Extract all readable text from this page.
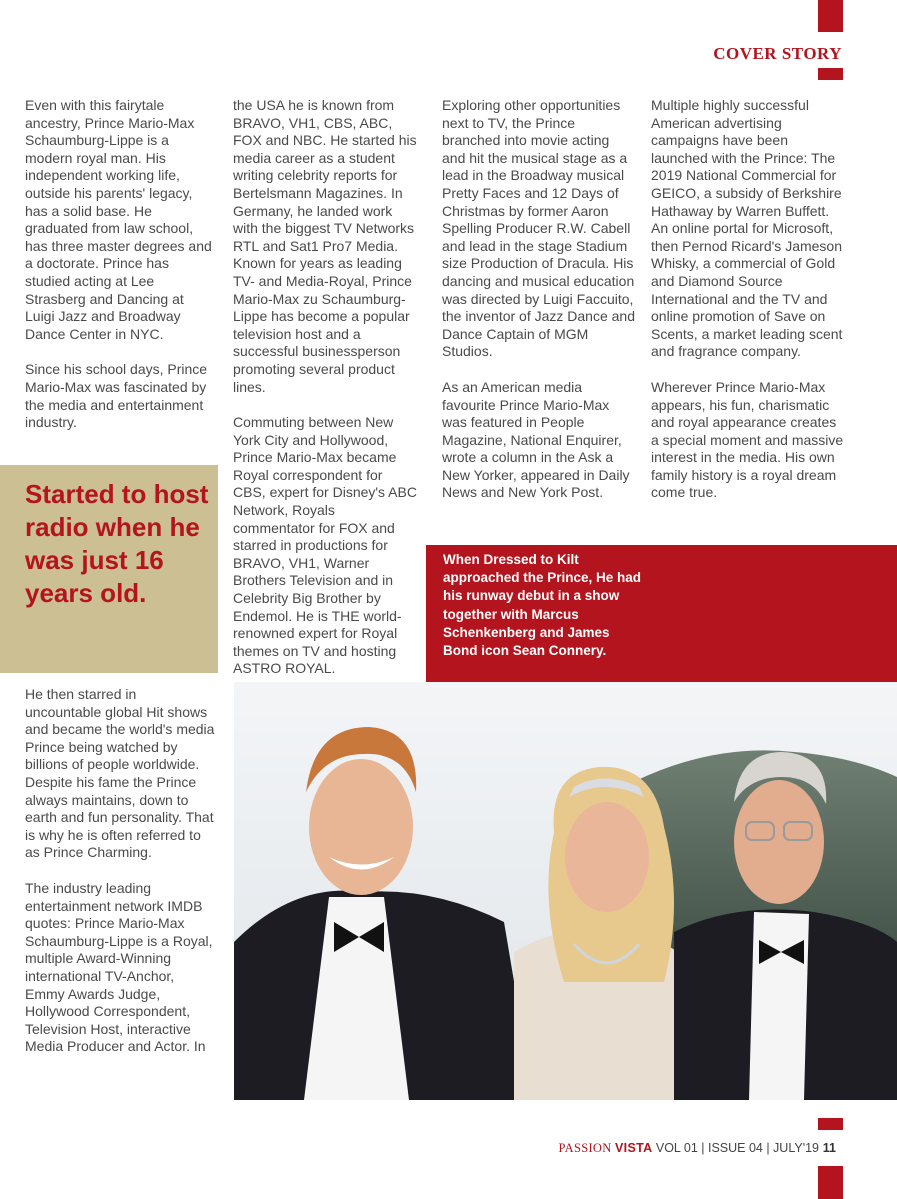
COVER STORY

Even with this fairytale ancestry, Prince Mario-Max Schaumburg-Lippe is a modern royal man. His independent working life, outside his parents' legacy, has a solid base. He graduated from law school, has three master degrees and a doctorate. Prince has studied acting at Lee Strasberg and Dancing at Luigi Jazz and Broadway Dance Center in NYC.

Since his school days, Prince Mario-Max was fascinated by the media and entertainment industry.

Started to host radio when he was just 16 years old.

He then starred in uncountable global Hit shows and became the world's media Prince being watched by billions of people worldwide. Despite his fame the Prince always maintains, down to earth and fun personality. That is why he is often referred to as Prince Charming.

The industry leading entertainment network IMDB quotes: Prince Mario-Max Schaumburg-Lippe is a Royal, multiple Award-Winning international TV-Anchor, Emmy Awards Judge, Hollywood Correspondent, Television Host, interactive Media Producer and Actor. In

the USA he is known from BRAVO, VH1, CBS, ABC, FOX and NBC. He started his media career as a student writing celebrity reports for Bertelsmann Magazines. In Germany, he landed work with the biggest TV Networks RTL and Sat1 Pro7 Media. Known for years as leading TV- and Media-Royal, Prince Mario-Max zu Schaumburg-Lippe has become a popular television host and a successful businessperson promoting several product lines.

Commuting between New York City and Hollywood, Prince Mario-Max became Royal correspondent for CBS, expert for Disney's ABC Network, Royals commentator for FOX and starred in productions for BRAVO, VH1, Warner Brothers Television and in Celebrity Big Brother by Endemol. He is THE world-renowned expert for Royal themes on TV and hosting ASTRO ROYAL.

Exploring other opportunities next to TV, the Prince branched into movie acting and hit the musical stage as a lead in the Broadway musical Pretty Faces and 12 Days of Christmas by former Aaron Spelling Producer R.W. Cabell and lead in the stage Stadium size Production of Dracula. His dancing and musical education was directed by Luigi Faccuito, the inventor of Jazz Dance and Dance Captain of MGM Studios.

As an American media favourite Prince Mario-Max was featured in People Magazine, National Enquirer, wrote a column in the Ask a New Yorker, appeared in Daily News and New York Post.

Multiple highly successful American advertising campaigns have been launched with the Prince: The 2019 National Commercial for GEICO, a subsidy of Berkshire Hathaway by Warren Buffett. An online portal for Microsoft, then Pernod Ricard's Jameson Whisky, a commercial of Gold and Diamond Source International and the TV and online promotion of Save on Scents, a market leading scent and fragrance company.

Wherever Prince Mario-Max appears, his fun, charismatic and royal appearance creates a special moment and massive interest in the media. His own family history is a royal dream come true.

When Dressed to Kilt approached the Prince, He had his runway debut in a show together with Marcus Schenkenberg and James Bond icon Sean Connery.
PASSION VISTA VOL 01 | ISSUE 04 | JULY'19 11
